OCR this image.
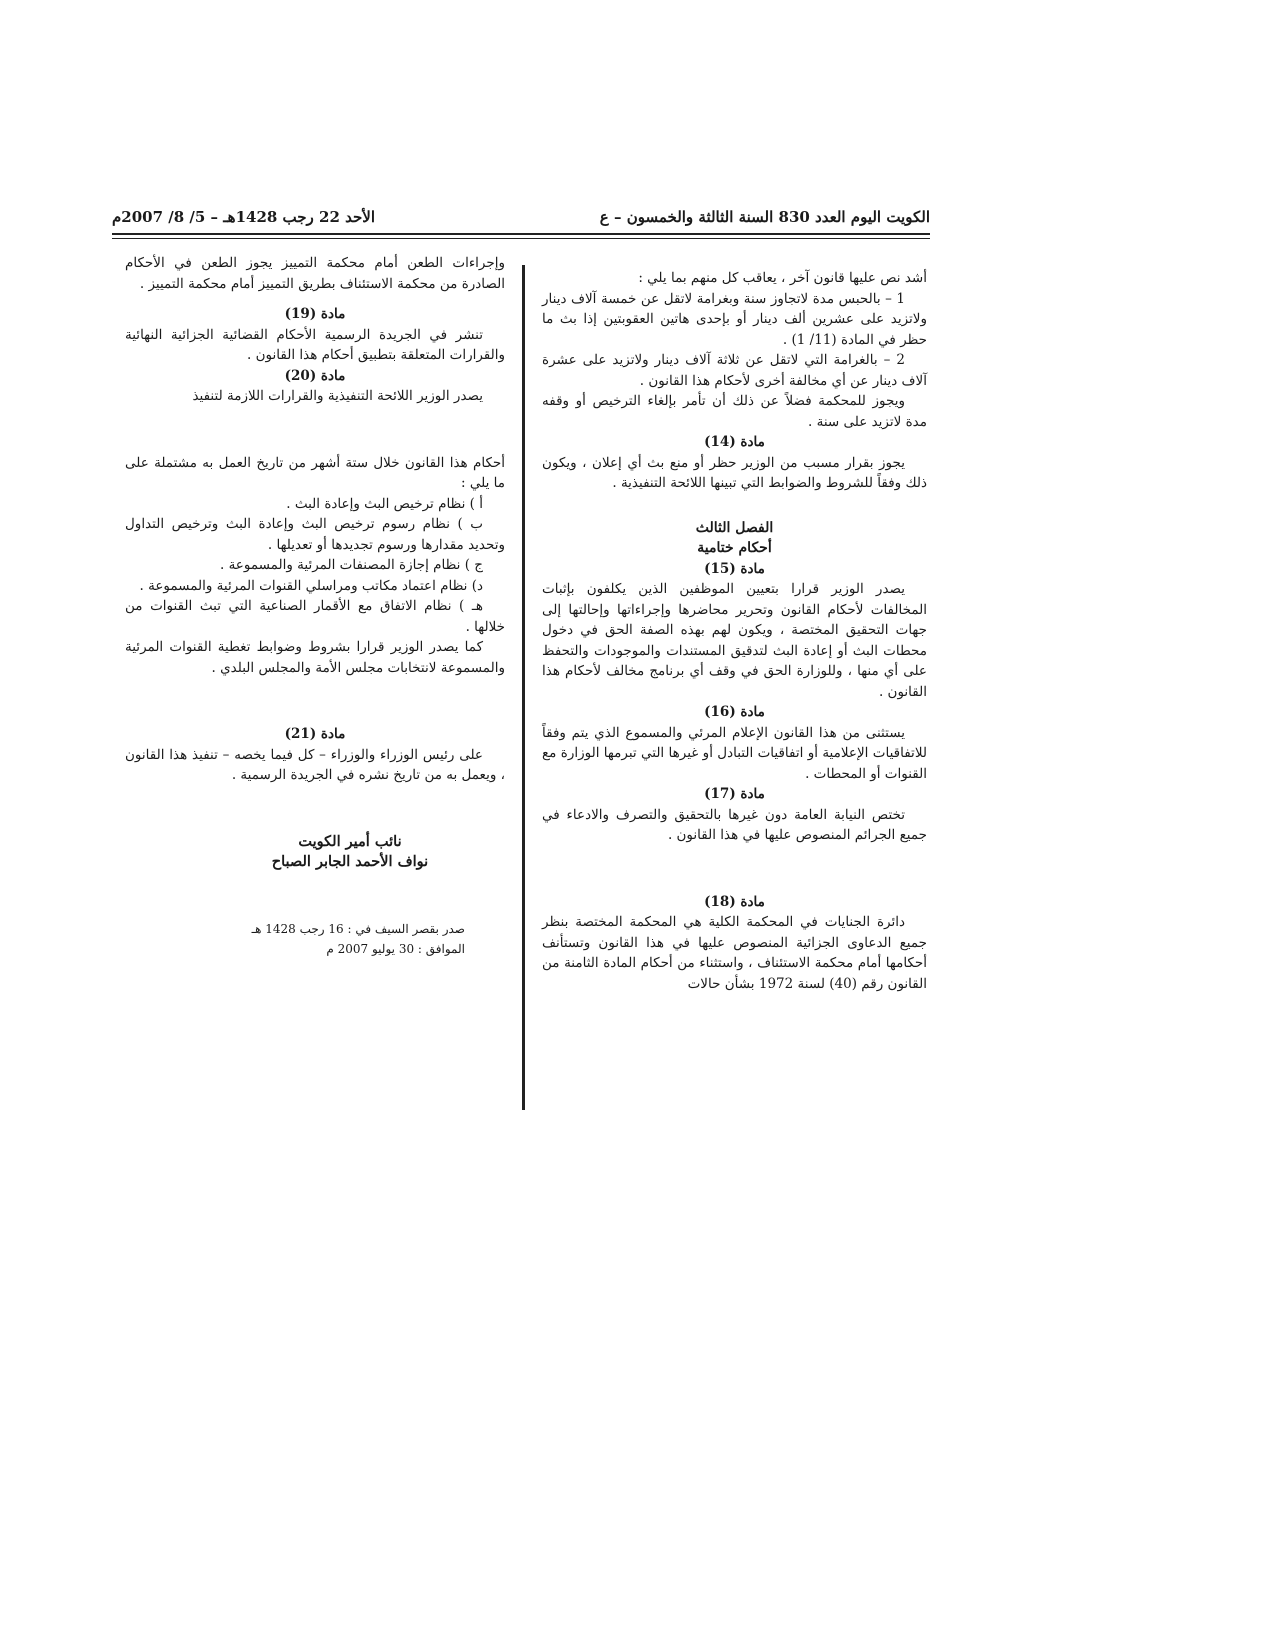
الكويت اليوم العدد 830 السنة الثالثة والخمسون – ع
الأحد 22 رجب 1428هـ – 5/ 8/ 2007م

أشد نص عليها قانون آخر ، يعاقب كل منهم بما يلي :

1 – بالحبس مدة لاتجاوز سنة وبغرامة لاتقل عن خمسة آلاف دينار ولاتزيد على عشرين ألف دينار أو بإحدى هاتين العقوبتين إذا بث ما حظر في المادة (11/ 1) .

2 – بالغرامة التي لاتقل عن ثلاثة آلاف دينار ولاتزيد على عشرة آلاف دينار عن أي مخالفة أخرى لأحكام هذا القانون .

ويجوز للمحكمة فضلاً عن ذلك أن تأمر بإلغاء الترخيص أو وقفه مدة لاتزيد على سنة .

مادة (14)

يجوز بقرار مسبب من الوزير حظر أو منع بث أي إعلان ، ويكون ذلك وفقاً للشروط والضوابط التي تبينها اللائحة التنفيذية .

الفصل الثالث

أحكام ختامية

مادة (15)

يصدر الوزير قرارا بتعيين الموظفين الذين يكلفون بإثبات المخالفات لأحكام القانون وتحرير محاضرها وإجراءاتها وإحالتها إلى جهات التحقيق المختصة ، ويكون لهم بهذه الصفة الحق في دخول محطات البث أو إعادة البث لتدقيق المستندات والموجودات والتحفظ على أي منها ، وللوزارة الحق في وقف أي برنامج مخالف لأحكام هذا القانون .

مادة (16)

يستثنى من هذا القانون الإعلام المرئي والمسموع الذي يتم وفقاً للاتفاقيات الإعلامية أو اتفاقيات التبادل أو غيرها التي تبرمها الوزارة مع القنوات أو المحطات .

مادة (17)

تختص النيابة العامة دون غيرها بالتحقيق والتصرف والادعاء في جميع الجرائم المنصوص عليها في هذا القانون .

مادة (18)

دائرة الجنايات في المحكمة الكلية هي المحكمة المختصة بنظر جميع الدعاوى الجزائية المنصوص عليها في هذا القانون وتستأنف أحكامها أمام محكمة الاستئناف ، واستثناء من أحكام المادة الثامنة من القانون رقم (40) لسنة 1972 بشأن حالات

وإجراءات الطعن أمام محكمة التمييز يجوز الطعن في الأحكام الصادرة من محكمة الاستئناف بطريق التمييز أمام محكمة التمييز .

مادة (19)

تنشر في الجريدة الرسمية الأحكام القضائية الجزائية النهائية والقرارات المتعلقة بتطبيق أحكام هذا القانون .

مادة (20)

يصدر الوزير اللائحة التنفيذية والقرارات اللازمة لتنفيذ

أحكام هذا القانون خلال ستة أشهر من تاريخ العمل به مشتملة على ما يلي :

أ ) نظام ترخيص البث وإعادة البث .

ب ) نظام رسوم ترخيص البث وإعادة البث وترخيص التداول وتحديد مقدارها ورسوم تجديدها أو تعديلها .

ج ) نظام إجازة المصنفات المرئية والمسموعة .

د) نظام اعتماد مكاتب ومراسلي القنوات المرئية والمسموعة .

هـ ) نظام الاتفاق مع الأقمار الصناعية التي تبث القنوات من خلالها .

كما يصدر الوزير قرارا بشروط وضوابط تغطية القنوات المرئية والمسموعة لانتخابات مجلس الأمة والمجلس البلدي .

مادة (21)

على رئيس الوزراء والوزراء – كل فيما يخصه – تنفيذ هذا القانون ، ويعمل به من تاريخ نشره في الجريدة الرسمية .

نائب أمير الكويت

نواف الأحمد الجابر الصباح

صدر بقصر السيف في : 16 رجب 1428 هـ

الموافق : 30 يوليو 2007 م
